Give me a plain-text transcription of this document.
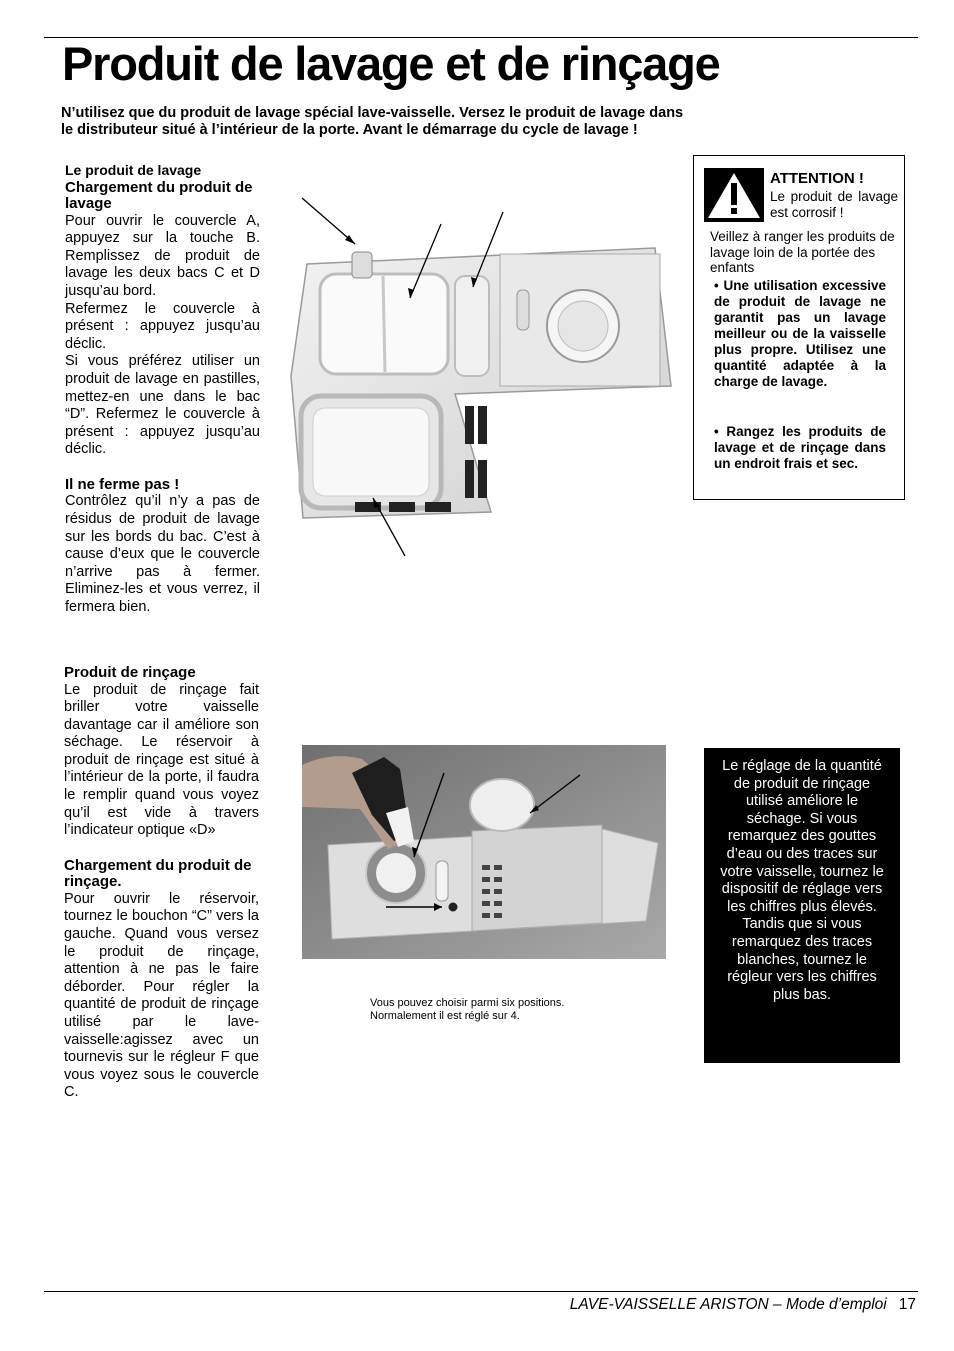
Produit de lavage et de rinçage
N’utilisez que du produit de lavage spécial lave-vaisselle. Versez le produit de lavage dans le distributeur situé à l’intérieur de la porte. Avant le démarrage du cycle de lavage !

Le produit de lavage

Chargement du produit de lavage

Pour ouvrir le couvercle A, appuyez sur la touche B. Remplissez de produit de lavage les deux bacs C et D jusqu’au bord.

Refermez le couvercle à présent : appuyez jusqu’au déclic.

Si vous préférez utiliser un produit de lavage en pastilles, mettez-en une dans le bac “D”. Refermez le couvercle à présent : appuyez jusqu’au déclic.

Il ne ferme pas !

Contrôlez qu’il n’y a pas de résidus de produit de lavage sur les bords du bac. C’est à cause d’eux que le couvercle n’arrive pas à fermer. Eliminez-les et vous verrez, il fermera bien.

Produit de rinçage

Le produit de rinçage fait briller votre vaisselle davantage car il améliore son séchage. Le réservoir à produit de rinçage est situé à l’intérieur de la porte, il faudra le remplir quand vous voyez qu’il est vide à travers l’indicateur optique «D»

Chargement du produit de rinçage.

Pour ouvrir le réservoir, tournez le bouchon “C” vers la gauche. Quand vous versez le produit de rinçage, attention à ne pas le faire déborder. Pour régler la quantité de produit de rinçage utilisé par le lave-vaisselle:agissez avec un tournevis sur le régleur F que vous voyez sous le couvercle C.

ATTENTION !
Le produit de lavage est corrosif !
Veillez à ranger les produits de lavage loin de la portée des enfants
• Une utilisation excessive de produit de lavage ne garantit pas un lavage meilleur ou de la vaisselle plus propre. Utilisez une quantité adaptée à la charge de lavage.
• Rangez les produits de lavage et de rinçage dans un endroit frais et sec.
Vous pouvez choisir parmi six positions.
Normalement il est réglé sur 4.
Le réglage de la quantité de produit de rinçage utilisé améliore le séchage. Si vous remarquez des gouttes d’eau ou des traces sur votre vaisselle, tournez le dispositif de réglage vers les chiffres plus élevés.
Tandis que si vous remarquez des traces blanches, tournez le régleur vers les chiffres plus bas.
LAVE-VAISSELLE ARISTON – Mode d’emploi 17
